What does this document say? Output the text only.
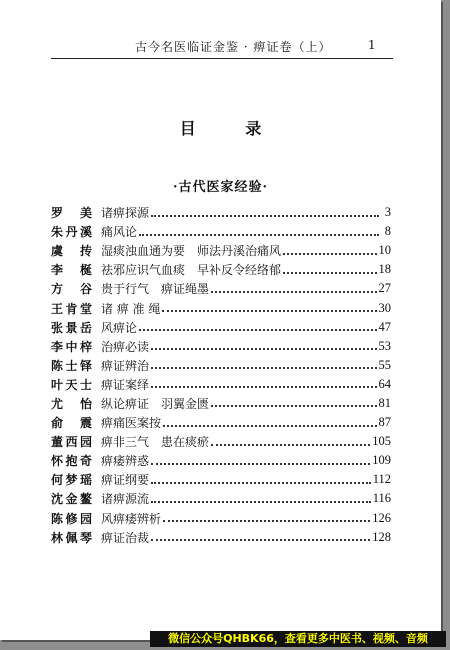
古今名医临证金鉴 · 痹证卷（上）	1
目 录
·古代医家经验·
罗 美 诸痹探源	3
朱丹溪 痛风论	8
虞 抟 湿痰浊血通为要　师法丹溪治痛风	10
李 梴 祛邪应识气血痰　早补反令经络郁	18
方 谷 贵于行气　痹证绳墨	27
王肯堂 诸 痹 准 绳	30
张景岳 风痹论	47
李中梓 治痹必读	53
陈士铎 痹证辨治	55
叶天士 痹证案绎	64
尤 怡 纵论痹证　羽翼金匮	81
俞 震 痹痛医案按	87
董西园 痹非三气　患在痰瘀	105
怀抱奇 痹痿辨惑	109
何梦瑶 痹证纲要	112
沈金鳌 诸痹源流	116
陈修园 风痹痿辨析	126
林佩琴 痹证治裁	128
微信公众号QHBK66，查看更多中医书、视频、音频
